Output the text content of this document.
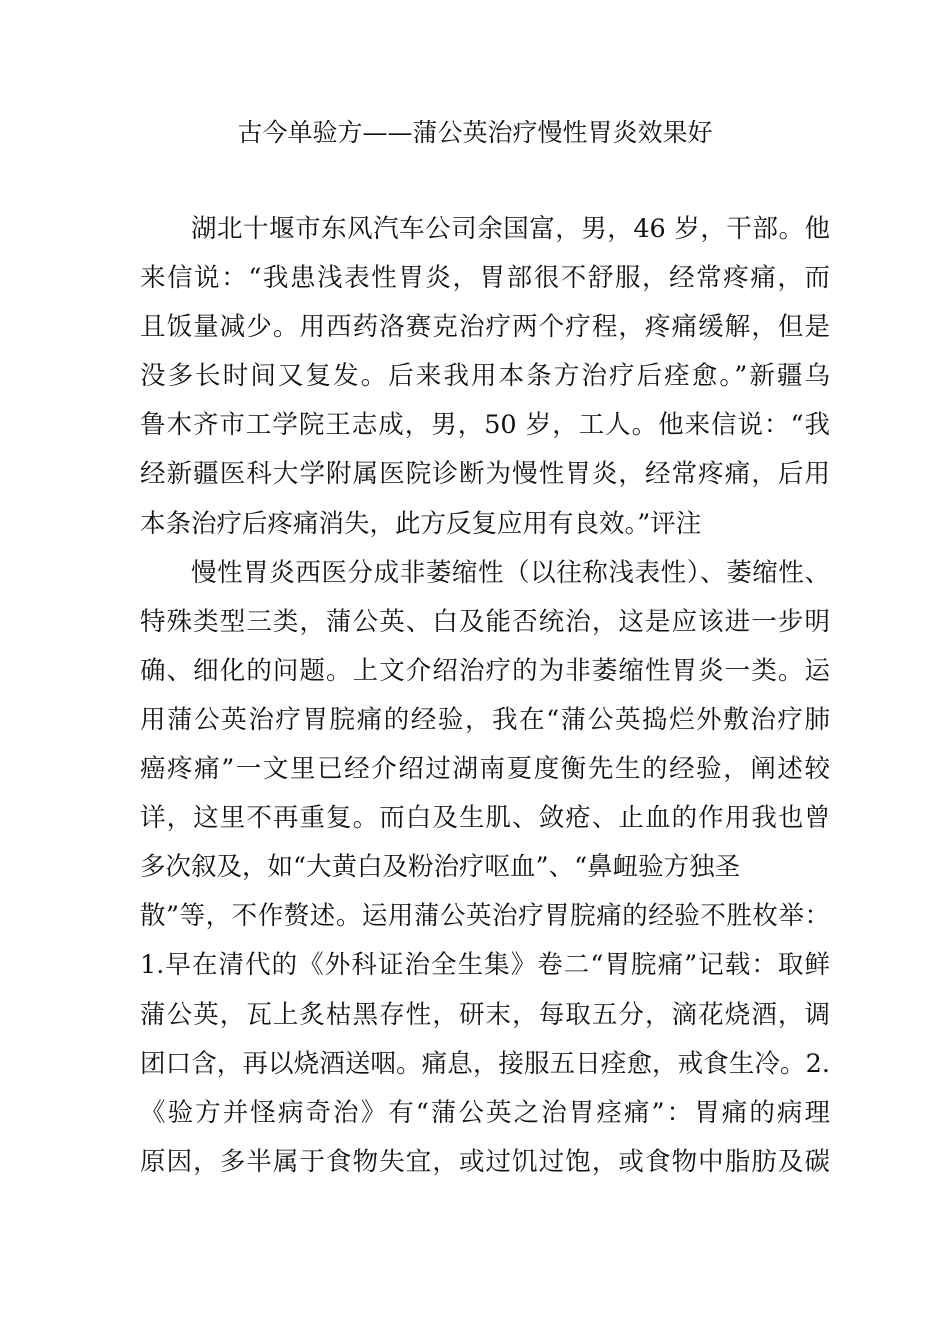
古今单验方——蒲公英治疗慢性胃炎效果好
湖北十堰市东风汽车公司余国富，男，46 岁，干部。他
来信说：“我患浅表性胃炎，胃部很不舒服，经常疼痛，而
且饭量减少。用西药洛赛克治疗两个疗程，疼痛缓解，但是
没多长时间又复发。后来我用本条方治疗后痊愈。”新疆乌
鲁木齐市工学院王志成，男，50 岁，工人。他来信说：“我
经新疆医科大学附属医院诊断为慢性胃炎，经常疼痛，后用
本条治疗后疼痛消失，此方反复应用有良效。”评注
慢性胃炎西医分成非萎缩性（以往称浅表性）、萎缩性、
特殊类型三类，蒲公英、白及能否统治，这是应该进一步明
确、细化的问题。上文介绍治疗的为非萎缩性胃炎一类。运
用蒲公英治疗胃脘痛的经验，我在“蒲公英捣烂外敷治疗肺
癌疼痛”一文里已经介绍过湖南夏度衡先生的经验，阐述较
详，这里不再重复。而白及生肌、敛疮、止血的作用我也曾
多次叙及，如“大黄白及粉治疗呕血”、“鼻衄验方独圣
散”等，不作赘述。运用蒲公英治疗胃脘痛的经验不胜枚举：
1.早在清代的《外科证治全生集》卷二“胃脘痛”记载：取鲜
蒲公英，瓦上炙枯黑存性，研末，每取五分，滴花烧酒，调
团口含，再以烧酒送咽。痛息，接服五日痊愈，戒食生冷。2.
《验方并怪病奇治》有“蒲公英之治胃痉痛”：胃痛的病理
原因，多半属于食物失宜，或过饥过饱，或食物中脂肪及碳
